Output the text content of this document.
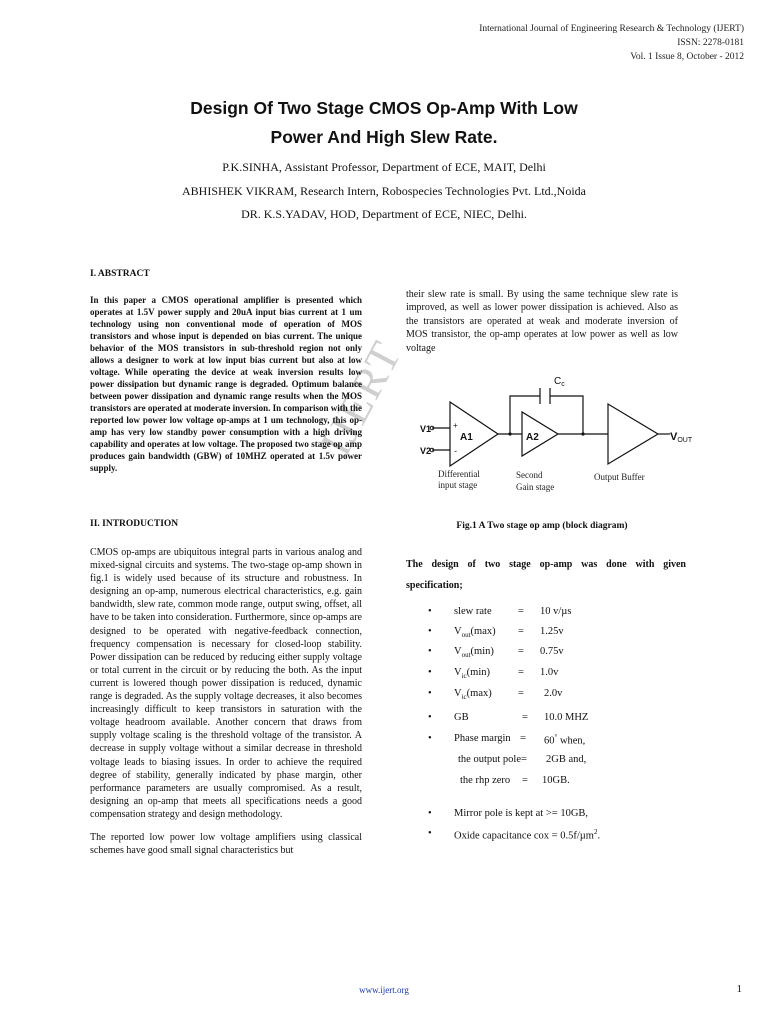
International Journal of Engineering Research & Technology (IJERT)
ISSN: 2278-0181
Vol. 1 Issue 8, October - 2012
Design Of Two Stage CMOS Op-Amp With Low
Power And High Slew Rate.
P.K.SINHA, Assistant Professor, Department of ECE, MAIT, Delhi
ABHISHEK VIKRAM, Research Intern, Robospecies Technologies Pvt. Ltd.,Noida
DR. K.S.YADAV, HOD, Department of ECE, NIEC, Delhi.
IJERT
I. ABSTRACT
In this paper a CMOS operational amplifier is presented which operates at 1.5V power supply and 20uA input bias current at 1 um technology using non conventional mode of operation of MOS transistors and whose input is depended on bias current. The unique behavior of the MOS transistors in sub-threshold region not only allows a designer to work at low input bias current but also at low voltage. While operating the device at weak inversion results low power dissipation but dynamic range is degraded. Optimum balance between power dissipation and dynamic range results when the MOS transistors are operated at moderate inversion. In comparison with the reported low power low voltage op-amps at 1 um technology, this op-amp has very low standby power consumption with a high driving capability and operates at low voltage. The proposed two stage op amp produces gain bandwidth (GBW) of 10MHZ operated at 1.5v power supply.
II. INTRODUCTION

CMOS op-amps are ubiquitous integral parts in various analog and mixed-signal circuits and systems. The two-stage op-amp shown in fig.1 is widely used because of its structure and robustness. In designing an op-amp, numerous electrical characteristics, e.g. gain bandwidth, slew rate, common mode range, output swing, offset, all have to be taken into consideration. Furthermore, since op-amps are designed to be operated with negative-feedback connection, frequency compensation is necessary for closed-loop stability. Power dissipation can be reduced by reducing either supply voltage or total current in the circuit or by reducing the both. As the input current is lowered though power dissipation is reduced, dynamic range is degraded. As the supply voltage decreases, it also becomes increasingly difficult to keep transistors in saturation with the voltage headroom available. Another concern that draws from supply voltage scaling is the threshold voltage of the transistor. A decrease in supply voltage without a similar decrease in threshold voltage leads to biasing issues. In order to achieve the required degree of stability, generally indicated by phase margin, other performance parameters are usually compromised. As a result, designing an op-amp that meets all specifications needs a good compensation strategy and design methodology.

The reported low power low voltage amplifiers using classical schemes have good small signal characteristics but

their slew rate is small. By using the same technique slew rate is improved, as well as lower power dissipation is achieved. Also as the transistors are operated at weak and moderate inversion of MOS transistor, the op-amp operates at low power as well as low voltage
$C_c$
V1
V2
+
-
A1	A2	VOUT
Differential
input stage
Second
Gain stage
Output Buffer
Fig.1 A Two stage op amp (block diagram)
The design of two stage op-amp was done with given specification;
• slew rate	= 10 v/µs
• $V_{out}(\max) = 1.25v$
• $V_{out}(\min) = 0.75v$
• $V_{ic}(\min)$	= 1.0v
• $V_{ic}(\max)$	= 2.0v
• GB	= 10.0 MHZ
• Phase margin = 60° when,
the output pole= 2GB and,
the rhp zero = 10GB.
• Mirror pole is kept at >= 10GB,
• Oxide capacitance cox = 0.5f/µm$^2$.
www.ijert.org	1
